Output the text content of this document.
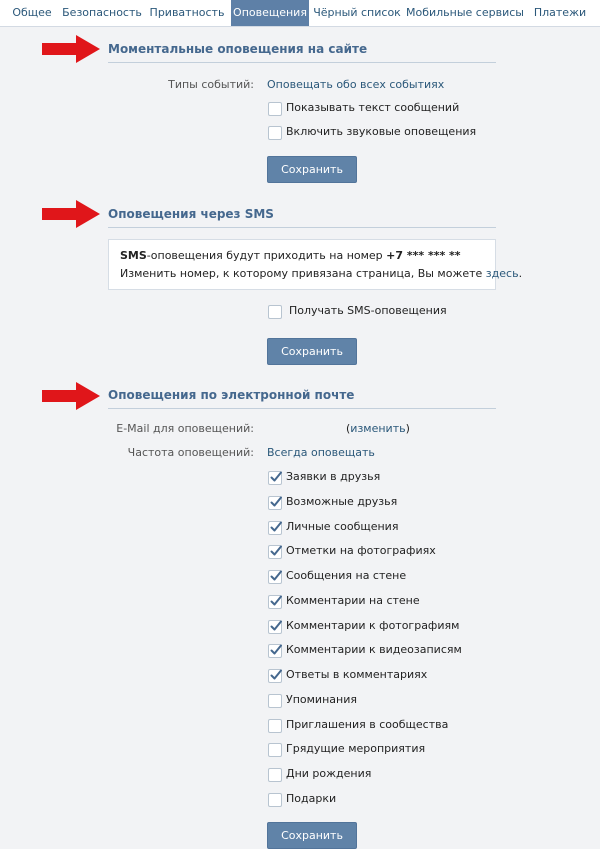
Общее Безопасность Приватность Оповещения Чёрный список Мобильные сервисы Платежи
Моментальные оповещения на сайте
Типы событий: Оповещать обо всех событиях
Показывать текст сообщений
Включить звуковые оповещения
Сохранить
Оповещения через SMS
SMS-оповещения будут приходить на номер +7 *** *** **
Изменить номер, к которому привязана страница, Вы можете здесь.
Получать SMS-оповещения
Сохранить
Оповещения по электронной почте
E-Mail для оповещений:	(изменить)
Частота оповещений: Всегда оповещать
Заявки в друзья
Возможные друзья
Личные сообщения
Отметки на фотографиях
Сообщения на стене
Комментарии на стене
Комментарии к фотографиям
Комментарии к видеозаписям
Ответы в комментариях
Упоминания
Приглашения в сообщества
Грядущие мероприятия
Дни рождения
Подарки
Сохранить
